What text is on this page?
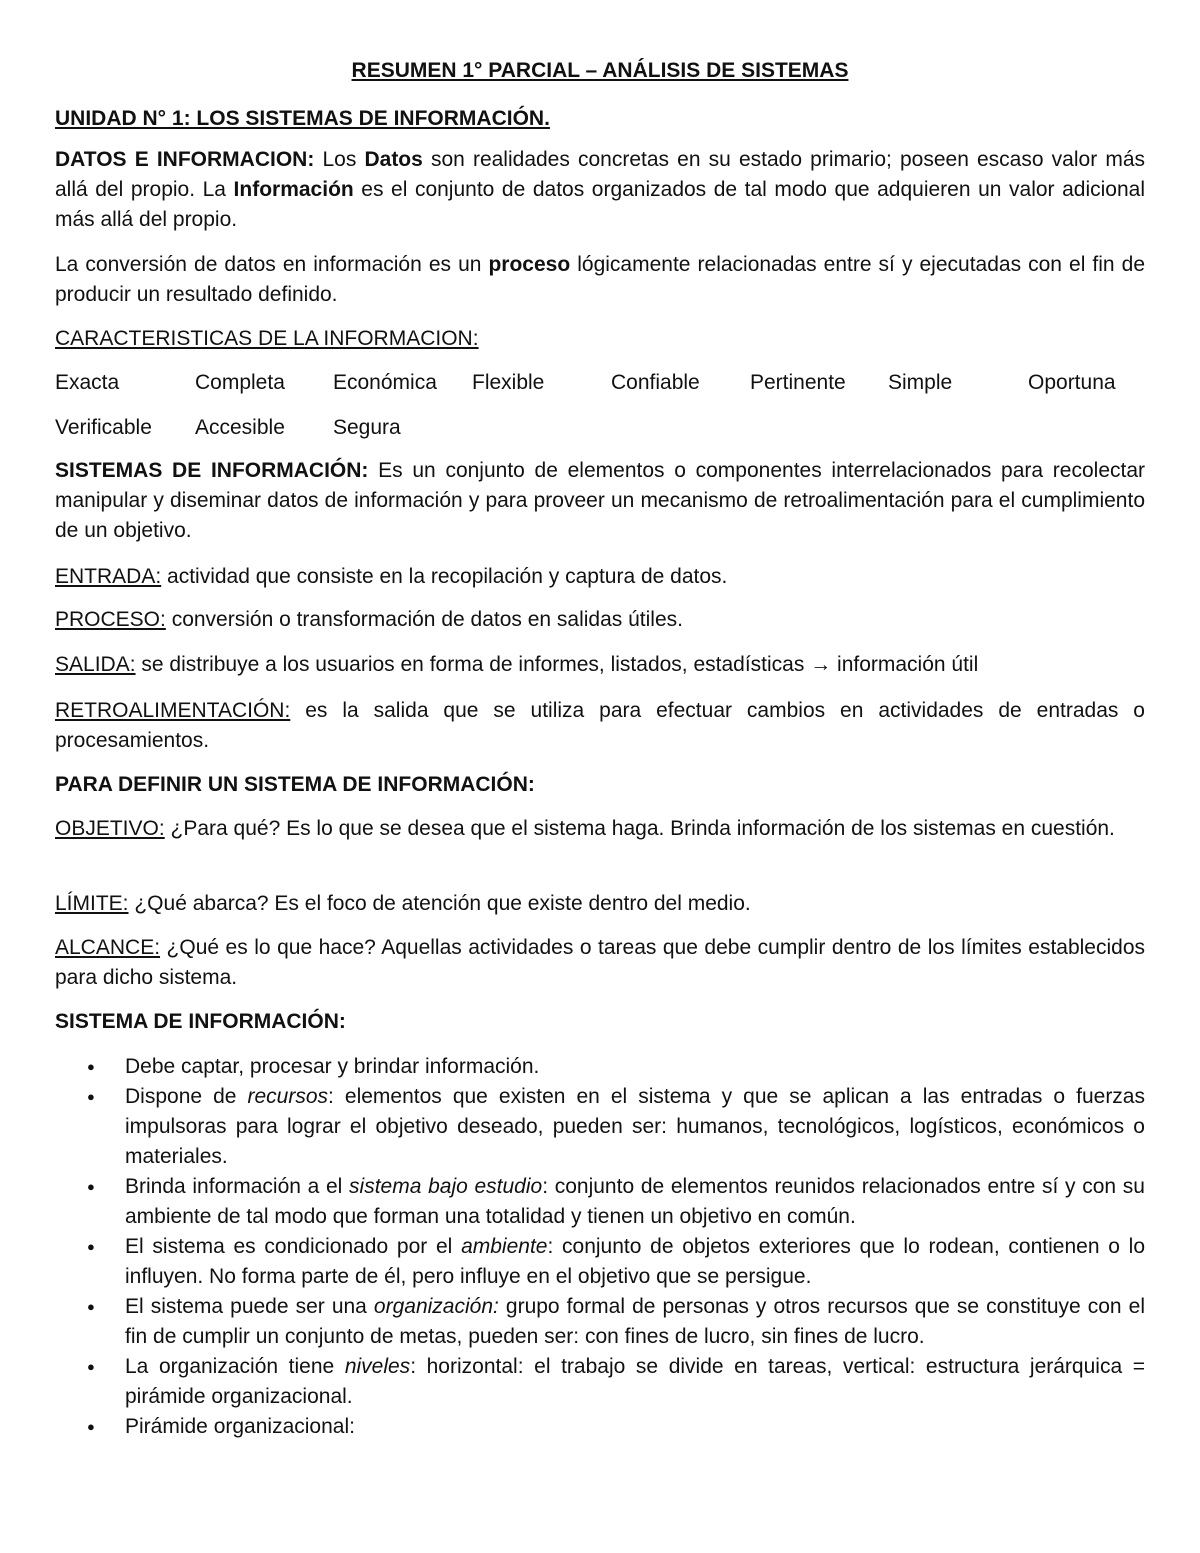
RESUMEN 1° PARCIAL – ANÁLISIS DE SISTEMAS
UNIDAD N° 1: LOS SISTEMAS DE INFORMACIÓN.

DATOS E INFORMACION: Los Datos son realidades concretas en su estado primario; poseen escaso valor más allá del propio. La Información es el conjunto de datos organizados de tal modo que adquieren un valor adicional más allá del propio.

La conversión de datos en información es un proceso lógicamente relacionadas entre sí y ejecutadas con el fin de producir un resultado definido.

CARACTERISTICAS DE LA INFORMACION:

Exacta	Completa Económica Flexible	Confiable Pertinente Simple	Oportuna
Verificable Accesible Segura

SISTEMAS DE INFORMACIÓN: Es un conjunto de elementos o componentes interrelacionados para recolectar manipular y diseminar datos de información y para proveer un mecanismo de retroalimentación para el cumplimiento de un objetivo.

ENTRADA: actividad que consiste en la recopilación y captura de datos.

PROCESO: conversión o transformación de datos en salidas útiles.

SALIDA: se distribuye a los usuarios en forma de informes, listados, estadísticas → información útil

RETROALIMENTACIÓN: es la salida que se utiliza para efectuar cambios en actividades de entradas o procesamientos.

PARA DEFINIR UN SISTEMA DE INFORMACIÓN:

OBJETIVO: ¿Para qué? Es lo que se desea que el sistema haga. Brinda información de los sistemas en cuestión.

LÍMITE: ¿Qué abarca? Es el foco de atención que existe dentro del medio.

ALCANCE: ¿Qué es lo que hace? Aquellas actividades o tareas que debe cumplir dentro de los límites establecidos para dicho sistema.

SISTEMA DE INFORMACIÓN:

● Debe captar, procesar y brindar información.
● Dispone de recursos: elementos que existen en el sistema y que se aplican a las entradas o fuerzas impulsoras para lograr el objetivo deseado, pueden ser: humanos, tecnológicos, logísticos, económicos o materiales.
● Brinda información a el sistema bajo estudio: conjunto de elementos reunidos relacionados entre sí y con su ambiente de tal modo que forman una totalidad y tienen un objetivo en común.
● El sistema es condicionado por el ambiente: conjunto de objetos exteriores que lo rodean, contienen o lo influyen. No forma parte de él, pero influye en el objetivo que se persigue.
● El sistema puede ser una organización: grupo formal de personas y otros recursos que se constituye con el fin de cumplir un conjunto de metas, pueden ser: con fines de lucro, sin fines de lucro.
● La organización tiene niveles: horizontal: el trabajo se divide en tareas, vertical: estructura jerárquica = pirámide organizacional.
● Pirámide organizacional:
